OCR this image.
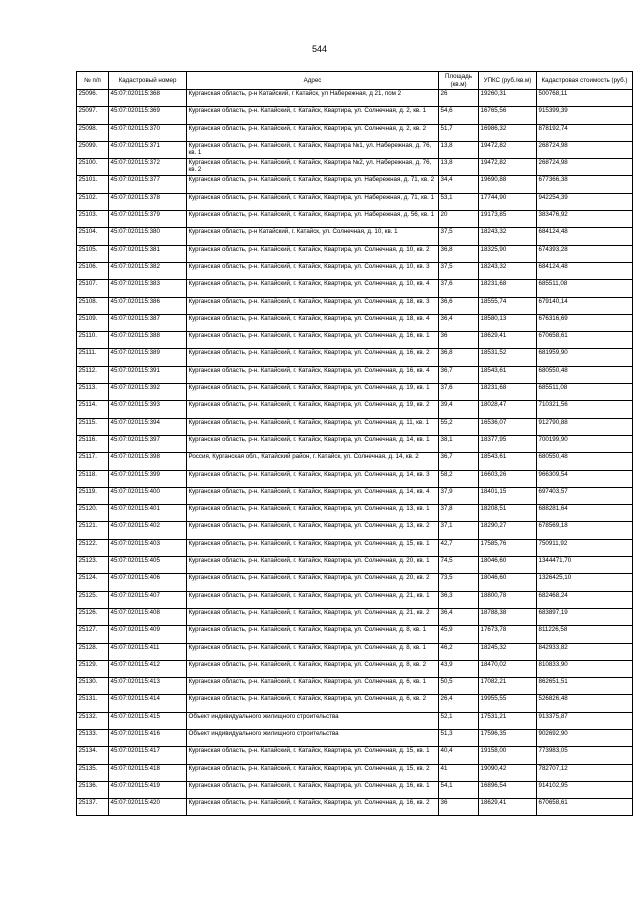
544
№ п/п	Кадастровый номер	Адрес	Площадь (кв.м)	УПКС (руб./кв.м)	Кадастровая стоимость (руб.)
25096.	45:07:020115:368	Курганская область, р-н Катайский, г Катайск, ул Набережная, д 21, пом 2	26	19260,31	500768,11
25097.	45:07:020115:369	Курганская область, р-н. Катайский, г. Катайск, Квартира, ул. Солнечная, д. 2, кв. 1	54,6	16765,56	915399,39
25098.	45:07:020115:370	Курганская область, р-н. Катайский, г. Катайск, Квартира, ул. Солнечная, д. 2, кв. 2	51,7	16986,32	878192,74
25099.	45:07:020115:371	Курганская область, р-н. Катайский, г. Катайск, Квартира №1, ул. Набережная, д. 76, кв. 1	13,8	19472,82	268724,98
25100.	45:07:020115:372	Курганская область, р-н. Катайский, г. Катайск, Квартира №2, ул. Набережная, д. 76, кв. 2	13,8	19472,82	268724,98
25101.	45:07:020115:377	Курганская область, р-н. Катайский, г. Катайск, Квартира, ул. Набережная, д. 71, кв. 2	34,4	19690,88	677366,38
25102.	45:07:020115:378	Курганская область, р-н. Катайский, г. Катайск, Квартира, ул. Набережная, д. 71, кв. 1	53,1	17744,90	942254,39
25103.	45:07:020115:379	Курганская область, р-н. Катайский, г. Катайск, Квартира, ул. Набережная, д. 56, кв. 1	20	19173,85	383476,92
25104.	45:07:020115:380	Курганская область, р-н Катайский, г. Катайск, ул. Солнечная, д. 10, кв. 1	37,5	18243,32	684124,48
25105.	45:07:020115:381	Курганская область, р-н. Катайский, г. Катайск, Квартира, ул. Солнечная, д. 10, кв. 2	36,8	18325,90	674393,28
25106.	45:07:020115:382	Курганская область, р-н. Катайский, г. Катайск, Квартира, ул. Солнечная, д. 10, кв. 3	37,5	18243,32	684124,48
25107.	45:07:020115:383	Курганская область, р-н. Катайский, г. Катайск, Квартира, ул. Солнечная, д. 10, кв. 4	37,6	18231,68	685511,08
25108.	45:07:020115:386	Курганская область, р-н. Катайский, г. Катайск, Квартира, ул. Солнечная, д. 18, кв. 3	36,6	18555,74	679140,14
25109.	45:07:020115:387	Курганская область, р-н. Катайский, г. Катайск, Квартира, ул. Солнечная, д. 18, кв. 4	36,4	18580,13	676316,69
25110.	45:07:020115:388	Курганская область, р-н. Катайский, г. Катайск, Квартира, ул. Солнечная, д. 16, кв. 1	36	18629,41	670658,61
25111.	45:07:020115:389	Курганская область, р-н. Катайский, г. Катайск, Квартира, ул. Солнечная, д. 16, кв. 2	36,8	18531,52	681959,90
25112.	45:07:020115:391	Курганская область, р-н. Катайский, г. Катайск, Квартира, ул. Солнечная, д. 16, кв. 4	36,7	18543,61	680550,48
25113.	45:07:020115:392	Курганская область, р-н. Катайский, г. Катайск, Квартира, ул. Солнечная, д. 19, кв. 1	37,6	18231,68	685511,08
25114.	45:07:020115:393	Курганская область, р-н. Катайский, г. Катайск, Квартира, ул. Солнечная, д. 19, кв. 2	39,4	18028,47	710321,56
25115.	45:07:020115:394	Курганская область, р-н. Катайский, г. Катайск, Квартира, ул. Солнечная, д. 11, кв. 1	55,2	16536,07	912790,88
25116.	45:07:020115:397	Курганская область, р-н. Катайский, г. Катайск, Квартира, ул. Солнечная, д. 14, кв. 1	38,1	18377,95	700199,90
25117.	45:07:020115:398	Россия, Курганская обл., Катайский район, г. Катайск, ул. Солнечная, д. 14, кв. 2	36,7	18543,61	680550,48
25118.	45:07:020115:399	Курганская область, р-н. Катайский, г. Катайск, Квартира, ул. Солнечная, д. 14, кв. 3	58,2	16603,26	966309,54
25119.	45:07:020115:400	Курганская область, р-н. Катайский, г. Катайск, Квартира, ул. Солнечная, д. 14, кв. 4	37,9	18401,15	697403,57
25120.	45:07:020115:401	Курганская область, р-н. Катайский, г. Катайск, Квартира, ул. Солнечная, д. 13, кв. 1	37,8	18208,51	688281,64
25121.	45:07:020115:402	Курганская область, р-н. Катайский, г. Катайск, Квартира, ул. Солнечная, д. 13, кв. 2	37,1	18290,27	678569,18
25122.	45:07:020115:403	Курганская область, р-н. Катайский, г. Катайск, Квартира, ул. Солнечная, д. 15, кв. 1	42,7	17585,76	750911,92
25123.	45:07:020115:405	Курганская область, р-н. Катайский, г. Катайск, Квартира, ул. Солнечная, д. 20, кв. 1	74,5	18046,60	1344471,70
25124.	45:07:020115:406	Курганская область, р-н. Катайский, г. Катайск, Квартира, ул. Солнечная, д. 20, кв. 2	73,5	18046,60	1326425,10
25125.	45:07:020115:407	Курганская область, р-н. Катайский, г. Катайск, Квартира, ул. Солнечная, д. 21, кв. 1	36,3	18800,78	682468,24
25126.	45:07:020115:408	Курганская область, р-н. Катайский, г. Катайск, Квартира, ул. Солнечная, д. 21, кв. 2	36,4	18788,38	683897,19
25127.	45:07:020115:409	Курганская область, р-н. Катайский, г. Катайск, Квартира, ул. Солнечная, д. 8, кв. 1	45,9	17673,78	811226,58
25128.	45:07:020115:411	Курганская область, р-н. Катайский, г. Катайск, Квартира, ул. Солнечная, д. 8, кв. 1	46,2	18245,32	842933,82
25129.	45:07:020115:412	Курганская область, р-н. Катайский, г. Катайск, Квартира, ул. Солнечная, д. 8, кв. 2	43,9	18470,02	810833,90
25130.	45:07:020115:413	Курганская область, р-н. Катайский, г. Катайск, Квартира, ул. Солнечная, д. 6, кв. 1	50,5	17082,21	862651,51
25131.	45:07:020115:414	Курганская область, р-н. Катайский, г. Катайск, Квартира, ул. Солнечная, д. 6, кв. 2	26,4	19955,55	526826,48
25132.	45:07:020115:415	Объект индивидуального жилищного строительства	52,1	17531,21	913375,87
25133.	45:07:020115:416	Объект индивидуального жилищного строительства	51,3	17596,35	902692,90
25134.	45:07:020115:417	Курганская область, р-н. Катайский, г. Катайск, Квартира, ул. Солнечная, д. 15, кв. 1	40,4	19158,00	773983,05
25135.	45:07:020115:418	Курганская область, р-н. Катайский, г. Катайск, Квартира, ул. Солнечная, д. 15, кв. 2	41	19090,42	782707,12
25136.	45:07:020115:419	Курганская область, р-н. Катайский, г. Катайск, Квартира, ул. Солнечная, д. 16, кв. 1	54,1	16896,54	914102,95
25137.	45:07:020115:420	Курганская область, р-н. Катайский, г. Катайск, Квартира, ул. Солнечная, д. 16, кв. 2	36	18629,41	670658,61
